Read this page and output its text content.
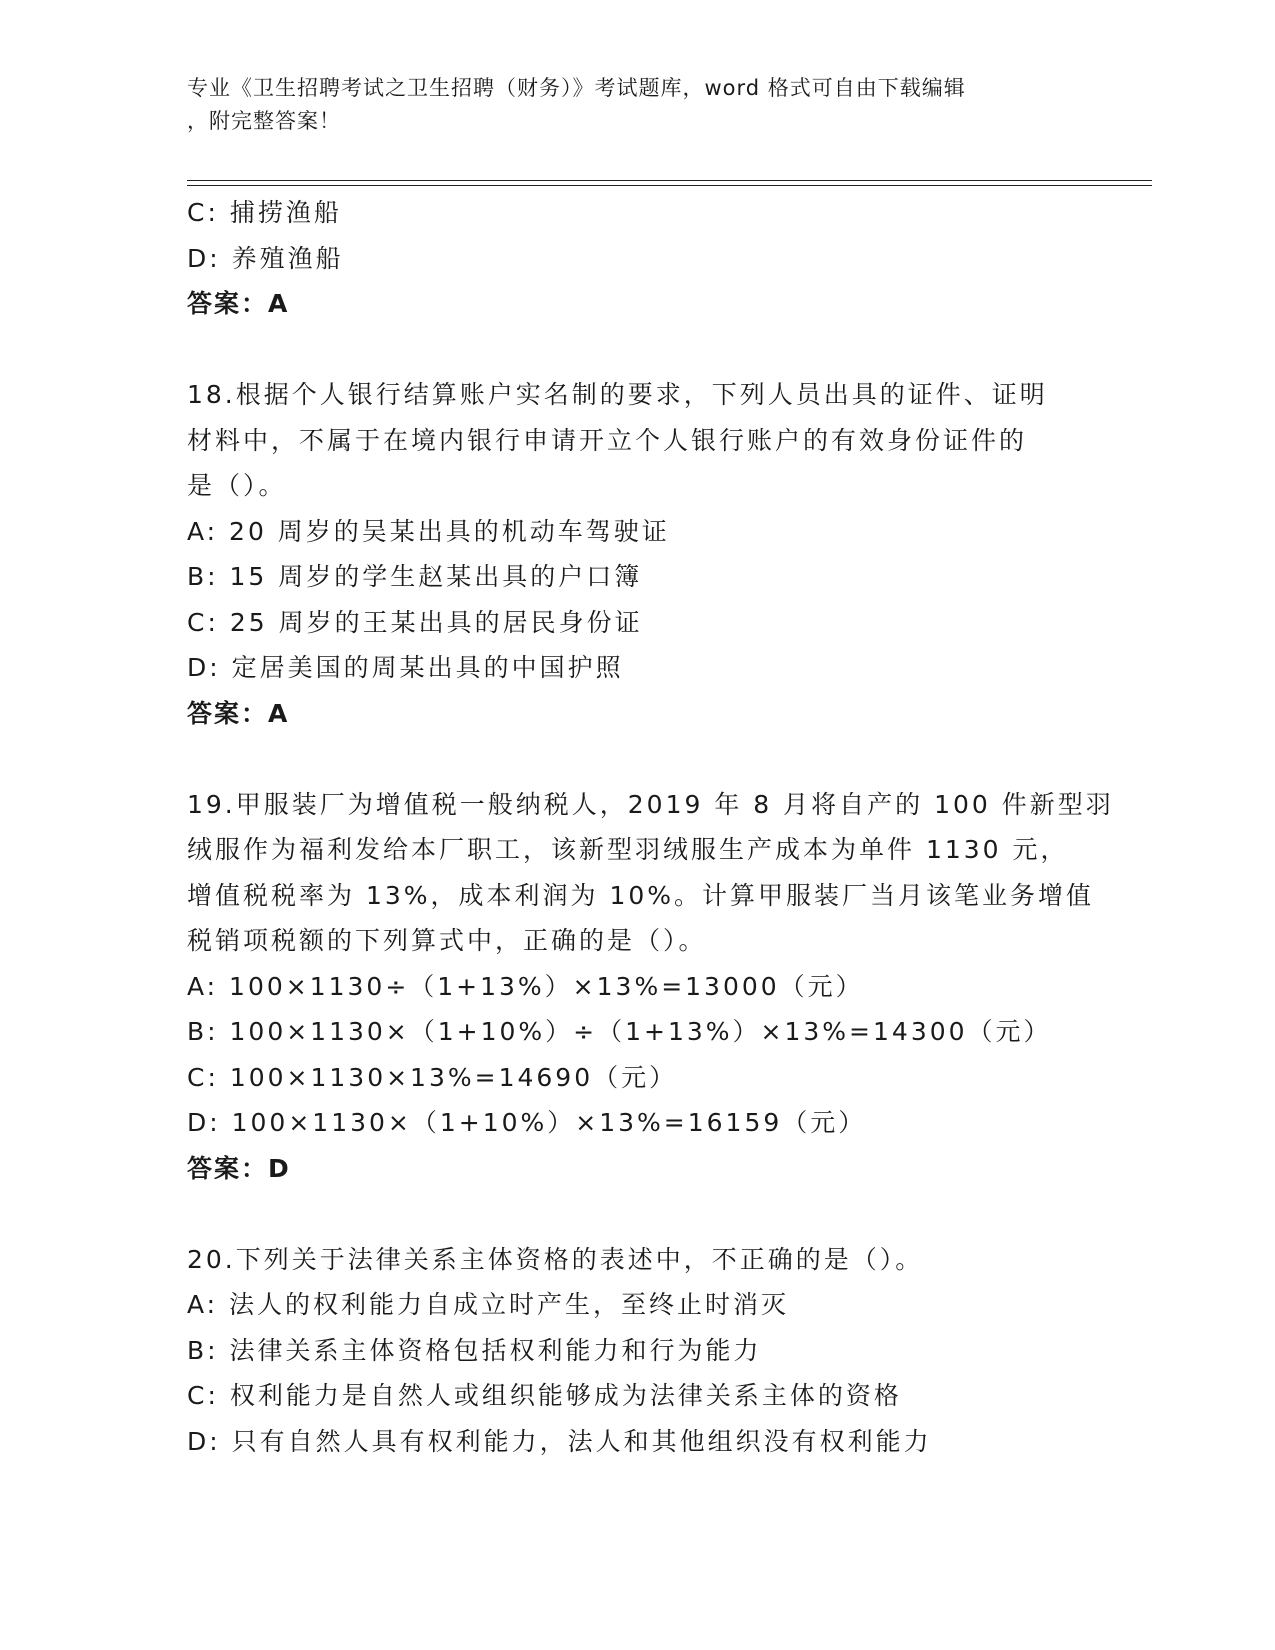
专业《卫生招聘考试之卫生招聘（财务）》考试题库，word 格式可自由下载编辑
，附完整答案！
C: 捕捞渔船
D: 养殖渔船
答案：A
18.根据个人银行结算账户实名制的要求，下列人员出具的证件、证明
材料中，不属于在境内银行申请开立个人银行账户的有效身份证件的
是（）。
A: 20 周岁的吴某出具的机动车驾驶证
B: 15 周岁的学生赵某出具的户口簿
C: 25 周岁的王某出具的居民身份证
D: 定居美国的周某出具的中国护照
答案：A
19.甲服装厂为增值税一般纳税人，2019 年 8 月将自产的 100 件新型羽
绒服作为福利发给本厂职工，该新型羽绒服生产成本为单件 1130 元，
增值税税率为 13%，成本利润为 10%。计算甲服装厂当月该笔业务增值
税销项税额的下列算式中，正确的是（）。
A: 100×1130÷（1+13%）×13%=13000（元）
B: 100×1130×（1+10%）÷（1+13%）×13%=14300（元）
C: 100×1130×13%=14690（元）
D: 100×1130×（1+10%）×13%=16159（元）
答案：D
20.下列关于法律关系主体资格的表述中，不正确的是（）。
A: 法人的权利能力自成立时产生，至终止时消灭
B: 法律关系主体资格包括权利能力和行为能力
C: 权利能力是自然人或组织能够成为法律关系主体的资格
D: 只有自然人具有权利能力，法人和其他组织没有权利能力
